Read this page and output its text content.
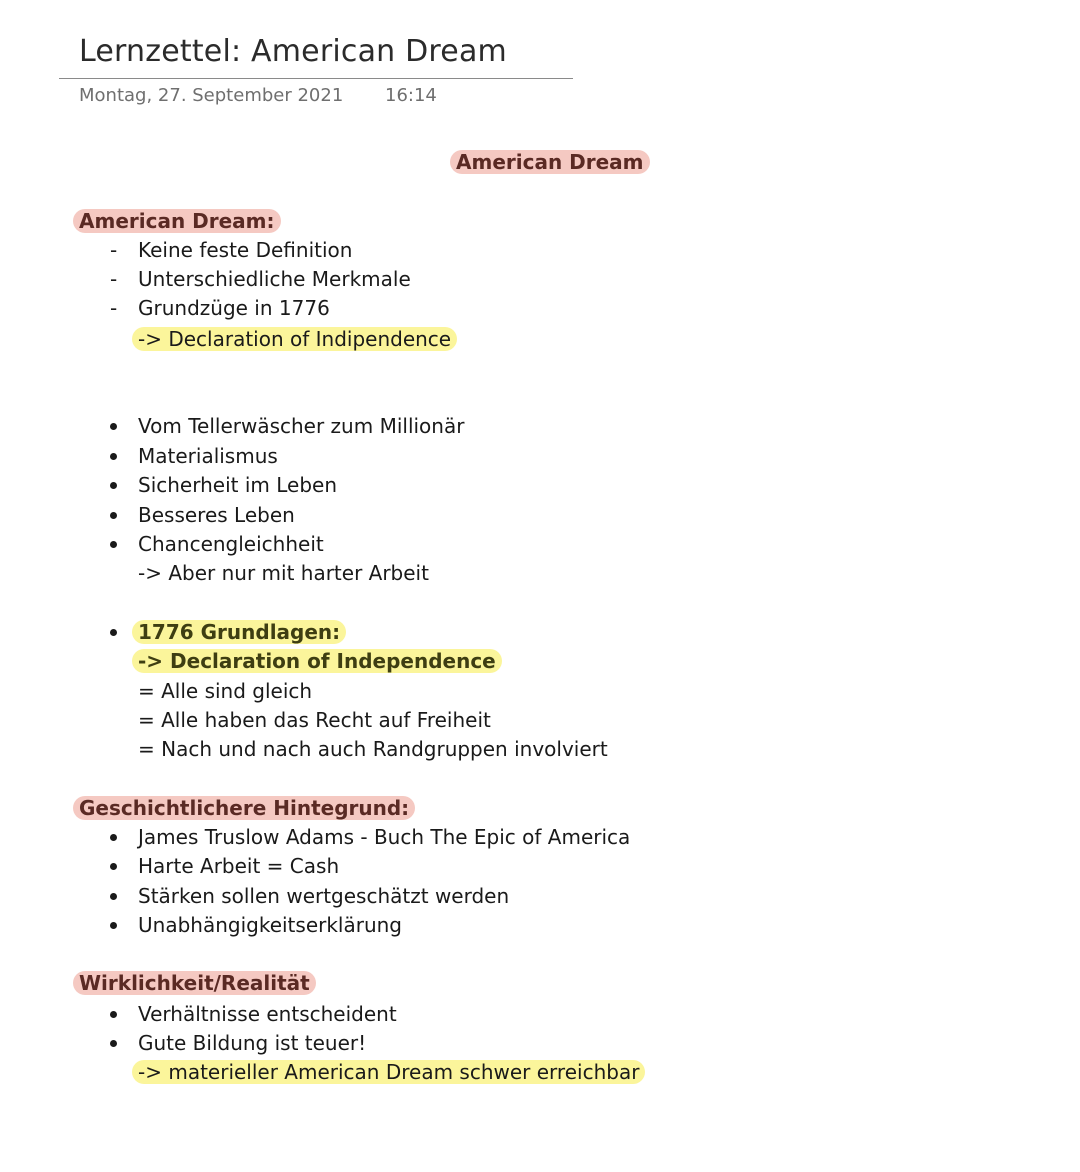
Lernzettel: American Dream
Montag, 27. September 2021 16:14
American Dream
American Dream:
- Keine feste Definition
- Unterschiedliche Merkmale
- Grundzüge in 1776
-> Declaration of Indipendence
Vom Tellerwäscher zum Millionär
Materialismus
Sicherheit im Leben
Besseres Leben
Chancengleichheit
-> Aber nur mit harter Arbeit
1776 Grundlagen:
-> Declaration of Independence
= Alle sind gleich
= Alle haben das Recht auf Freiheit
= Nach und nach auch Randgruppen involviert
Geschichtlichere Hintegrund:
James Truslow Adams - Buch The Epic of America
Harte Arbeit = Cash
Stärken sollen wertgeschätzt werden
Unabhängigkeitserklärung
Wirklichkeit/Realität
Verhältnisse entscheident
Gute Bildung ist teuer!
-> materieller American Dream schwer erreichbar
